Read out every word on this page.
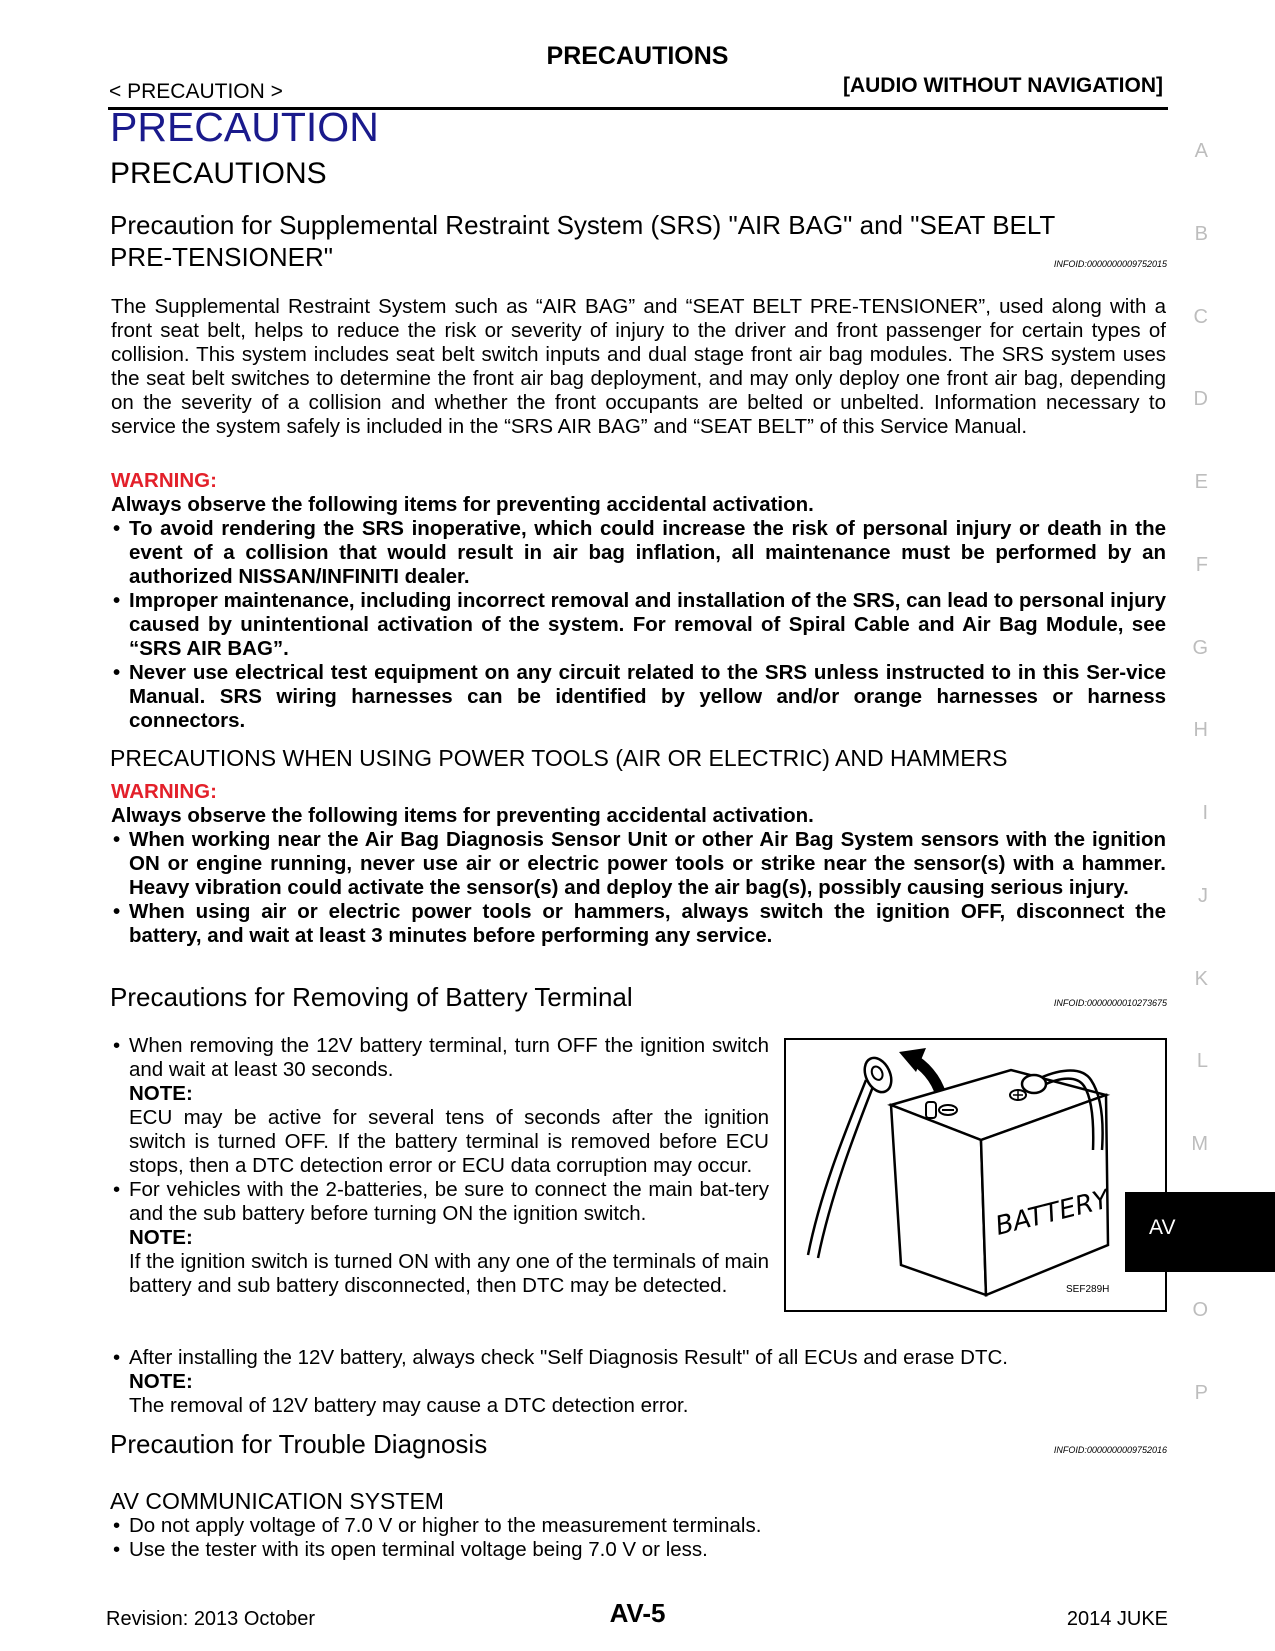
PRECAUTIONS
< PRECAUTION >	[AUDIO WITHOUT NAVIGATION]
PRECAUTION
PRECAUTIONS
Precaution for Supplemental Restraint System (SRS) "AIR BAG" and "SEAT BELT
PRE-TENSIONER"	INFOID:0000000009752015
The Supplemental Restraint System such as “AIR BAG” and “SEAT BELT PRE-TENSIONER”, used along with a front seat belt, helps to reduce the risk or severity of injury to the driver and front passenger for certain types of collision. This system includes seat belt switch inputs and dual stage front air bag modules. The SRS system uses the seat belt switches to determine the front air bag deployment, and may only deploy one front air bag, depending on the severity of a collision and whether the front occupants are belted or unbelted. Information necessary to service the system safely is included in the “SRS AIR BAG” and “SEAT BELT” of this Service Manual.
WARNING:
Always observe the following items for preventing accidental activation.
• To avoid rendering the SRS inoperative, which could increase the risk of personal injury or death in the event of a collision that would result in air bag inflation, all maintenance must be performed by an authorized NISSAN/INFINITI dealer.
• Improper maintenance, including incorrect removal and installation of the SRS, can lead to personal injury caused by unintentional activation of the system. For removal of Spiral Cable and Air Bag Module, see “SRS AIR BAG”.
• Never use electrical test equipment on any circuit related to the SRS unless instructed to in this Ser-vice Manual. SRS wiring harnesses can be identified by yellow and/or orange harnesses or harness connectors.
PRECAUTIONS WHEN USING POWER TOOLS (AIR OR ELECTRIC) AND HAMMERS
WARNING:
Always observe the following items for preventing accidental activation.
• When working near the Air Bag Diagnosis Sensor Unit or other Air Bag System sensors with the ignition ON or engine running, never use air or electric power tools or strike near the sensor(s) with a hammer. Heavy vibration could activate the sensor(s) and deploy the air bag(s), possibly causing serious injury.
• When using air or electric power tools or hammers, always switch the ignition OFF, disconnect the battery, and wait at least 3 minutes before performing any service.
Precautions for Removing of Battery Terminal	INFOID:0000000010273675
• When removing the 12V battery terminal, turn OFF the ignition switch and wait at least 30 seconds.
NOTE:
ECU may be active for several tens of seconds after the ignition switch is turned OFF. If the battery terminal is removed before ECU stops, then a DTC detection error or ECU data corruption may occur.
• For vehicles with the 2-batteries, be sure to connect the main bat-tery and the sub battery before turning ON the ignition switch.
NOTE:
If the ignition switch is turned ON with any one of the terminals of main battery and sub battery disconnected, then DTC may be detected.
• After installing the 12V battery, always check "Self Diagnosis Result" of all ECUs and erase DTC.
NOTE:
The removal of 12V battery may cause a DTC detection error.
BATTERY
SEF289H
Precaution for Trouble Diagnosis	INFOID:0000000009752016
AV COMMUNICATION SYSTEM
• Do not apply voltage of 7.0 V or higher to the measurement terminals.
• Use the tester with its open terminal voltage being 7.0 V or less.
A
B
C
D
E
F
G
H
I
J
K
L
M
AV
O
P
Revision: 2013 October	AV-5	2014 JUKE
